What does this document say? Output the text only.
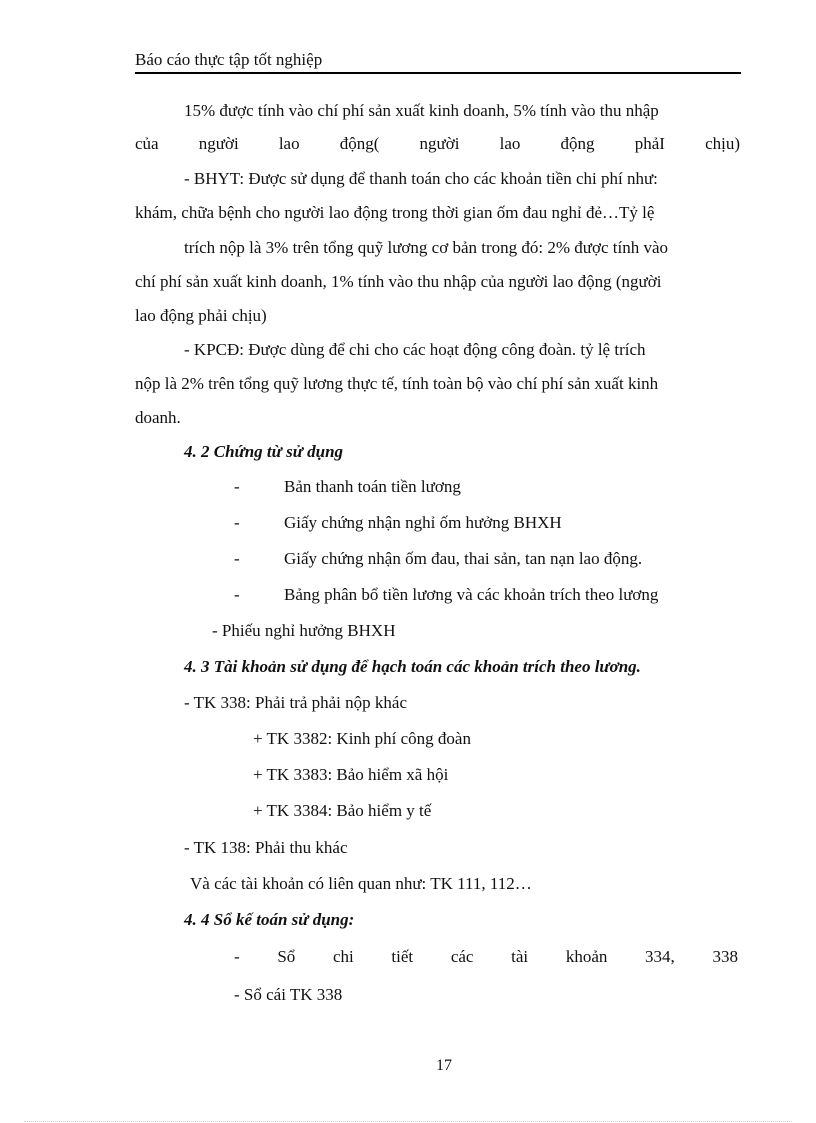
Báo cáo thực tập tốt nghiệp
15% được tính vào chí phí sản xuất kinh doanh, 5% tính vào thu nhập
của người lao động( người lao động phảI chịu)
- BHYT: Được sử dụng để thanh toán cho các khoản tiền chi phí như:
khám, chữa bệnh cho người lao động trong thời gian ốm đau nghỉ đẻ…Tỷ lệ
trích nộp là 3% trên tổng quỹ lương cơ bản trong đó: 2% được tính vào
chí phí sản xuất kinh doanh, 1% tính vào thu nhập của người lao động (người
lao động phải chịu)
- KPCĐ: Được dùng để chi cho các hoạt động công đoàn. tỷ lệ trích
nộp là 2% trên tổng quỹ lương thực tế, tính toàn bộ vào chí phí sản xuất kinh
doanh.
4. 2 Chứng từ sử dụng
-	Bản thanh toán tiền lương
-	Giấy chứng nhận nghỉ ốm hưởng BHXH
-	Giấy chứng nhận ốm đau, thai sản, tan nạn lao động.
-	Bảng phân bổ tiền lương và các khoản trích theo lương
- Phiếu nghỉ hưởng BHXH
4. 3 Tài khoản sử dụng để hạch toán các khoản trích theo lương.
- TK 338: Phải trả phải nộp khác
+ TK 3382: Kinh phí công đoàn
+ TK 3383: Bảo hiểm xã hội
+ TK 3384: Bảo hiểm y tế
- TK 138: Phải thu khác
Và các tài khoản có liên quan như: TK 111, 112…
4. 4 Sổ kế toán sử dụng:
- Sổ chi tiết các tài khoản 334, 338
- Sổ cái TK 338
17
